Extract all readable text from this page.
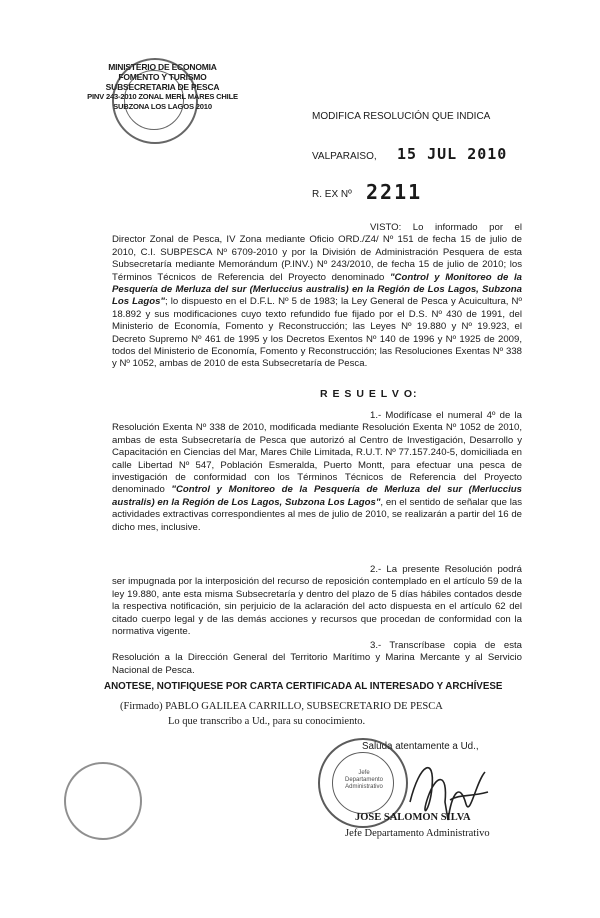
MINISTERIO DE ECONOMIA
FOMENTO Y TURISMO
SUBSECRETARIA DE PESCA
PINV 243-2010 ZONAL MERL MARES CHILE
SUBZONA LOS LAGOS 2010
MODIFICA RESOLUCIÓN QUE INDICA
VALPARAISO, 15 JUL 2010
R. EX Nº 2211

VISTO: Lo informado por el Director Zonal de Pesca, IV Zona mediante Oficio ORD./Z4/ Nº 151 de fecha 15 de julio de 2010, C.I. SUBPESCA Nº 6709-2010 y por la División de Administración Pesquera de esta Subsecretaría mediante Memorándum (P.INV.) Nº 243/2010, de fecha 15 de julio de 2010; los Términos Técnicos de Referencia del Proyecto denominado "Control y Monitoreo de la Pesquería de Merluza del sur (Merluccius australis) en la Región de Los Lagos, Subzona Los Lagos"; lo dispuesto en el D.F.L. Nº 5 de 1983; la Ley General de Pesca y Acuicultura, Nº 18.892 y sus modificaciones cuyo texto refundido fue fijado por el D.S. Nº 430 de 1991, del Ministerio de Economía, Fomento y Reconstrucción; las Leyes Nº 19.880 y Nº 19.923, el Decreto Supremo Nº 461 de 1995 y los Decretos Exentos Nº 140 de 1996 y Nº 1925 de 2009, todos del Ministerio de Economía, Fomento y Reconstrucción; las Resoluciones Exentas Nº 338 y Nº 1052, ambas de 2010 de esta Subsecretaría de Pesca.

R E S U E L V O:

1.- Modifícase el numeral 4º de la Resolución Exenta Nº 338 de 2010, modificada mediante Resolución Exenta Nº 1052 de 2010, ambas de esta Subsecretaría de Pesca que autorizó al Centro de Investigación, Desarrollo y Capacitación en Ciencias del Mar, Mares Chile Limitada, R.U.T. Nº 77.157.240-5, domiciliada en calle Libertad Nº 547, Población Esmeralda, Puerto Montt, para efectuar una pesca de investigación de conformidad con los Términos Técnicos de Referencia del Proyecto denominado "Control y Monitoreo de la Pesquería de Merluza del sur (Merluccius australis) en la Región de Los Lagos, Subzona Los Lagos", en el sentido de señalar que las actividades extractivas correspondientes al mes de julio de 2010, se realizarán a partir del 16 de dicho mes, inclusive.

2.- La presente Resolución podrá ser impugnada por la interposición del recurso de reposición contemplado en el artículo 59 de la ley 19.880, ante esta misma Subsecretaría y dentro del plazo de 5 días hábiles contados desde la respectiva notificación, sin perjuicio de la aclaración del acto dispuesta en el artículo 62 del citado cuerpo legal y de las demás acciones y recursos que procedan de conformidad con la normativa vigente.

3.- Transcríbase copia de esta Resolución a la Dirección General del Territorio Marítimo y Marina Mercante y al Servicio Nacional de Pesca.

ANOTESE, NOTIFIQUESE POR CARTA CERTIFICADA AL INTERESADO Y ARCHÍVESE
(Firmado) PABLO GALILEA CARRILLO, SUBSECRETARIO DE PESCA
Lo que transcribo a Ud., para su conocimiento.
Saluda atentamente a Ud.,
Jefe
Departamento
Administrativo
JOSE SALOMON SILVA
Jefe Departamento Administrativo
